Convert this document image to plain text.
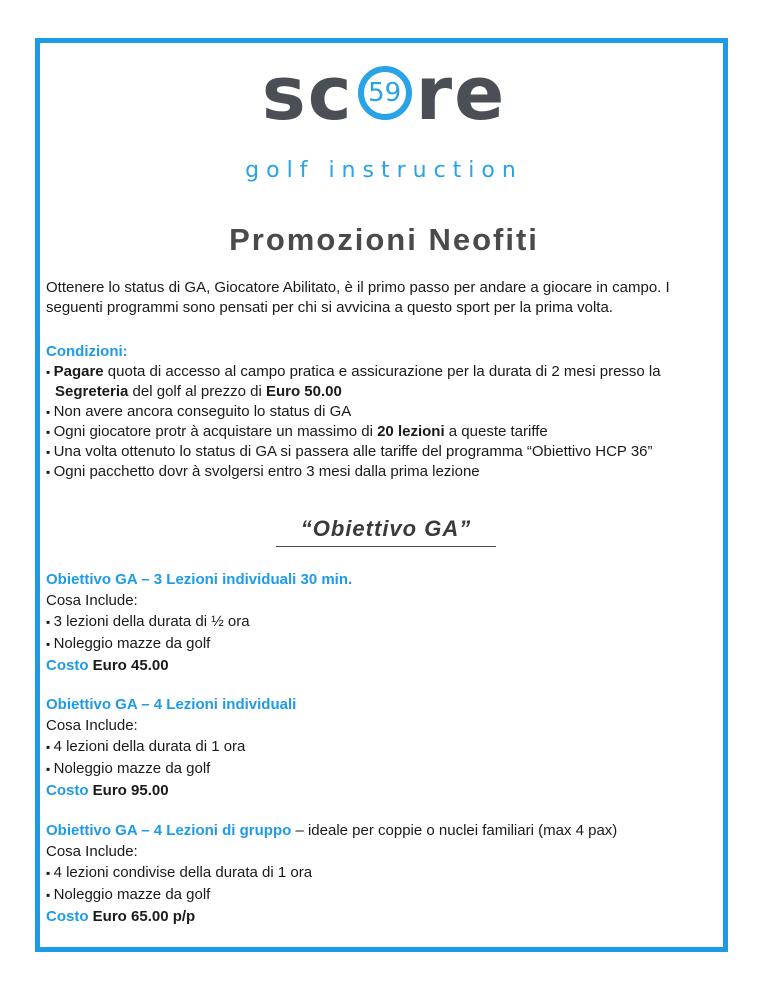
sc 59 re
golf instruction
Promozioni Neofiti

Ottenere lo status di GA, Giocatore Abilitato, è il primo passo per andare a giocare in campo. I seguenti programmi sono pensati per chi si avvicina a questo sport per la prima volta.

Condizioni:

▪ Pagare quota di accesso al campo pratica e assicurazione per la durata di 2 mesi presso la
Segreteria del golf al prezzo di Euro 50.00

▪ Non avere ancora conseguito lo status di GA

▪ Ogni giocatore protr à acquistare un massimo di 20 lezioni a queste tariffe

▪ Una volta ottenuto lo status di GA si passera alle tariffe del programma “Obiettivo HCP 36”

▪ Ogni pacchetto dovr à svolgersi entro 3 mesi dalla prima lezione

“Obiettivo GA”
Obiettivo GA – 3 Lezioni individuali 30 min.
Cosa Include:
▪ 3 lezioni della durata di ½ ora
▪ Noleggio mazze da golf
Costo Euro 45.00
Obiettivo GA – 4 Lezioni individuali
Cosa Include:
▪ 4 lezioni della durata di 1 ora
▪ Noleggio mazze da golf
Costo Euro 95.00
Obiettivo GA – 4 Lezioni di gruppo – ideale per coppie o nuclei familiari (max 4 pax)
Cosa Include:
▪ 4 lezioni condivise della durata di 1 ora
▪ Noleggio mazze da golf
Costo Euro 65.00 p/p
